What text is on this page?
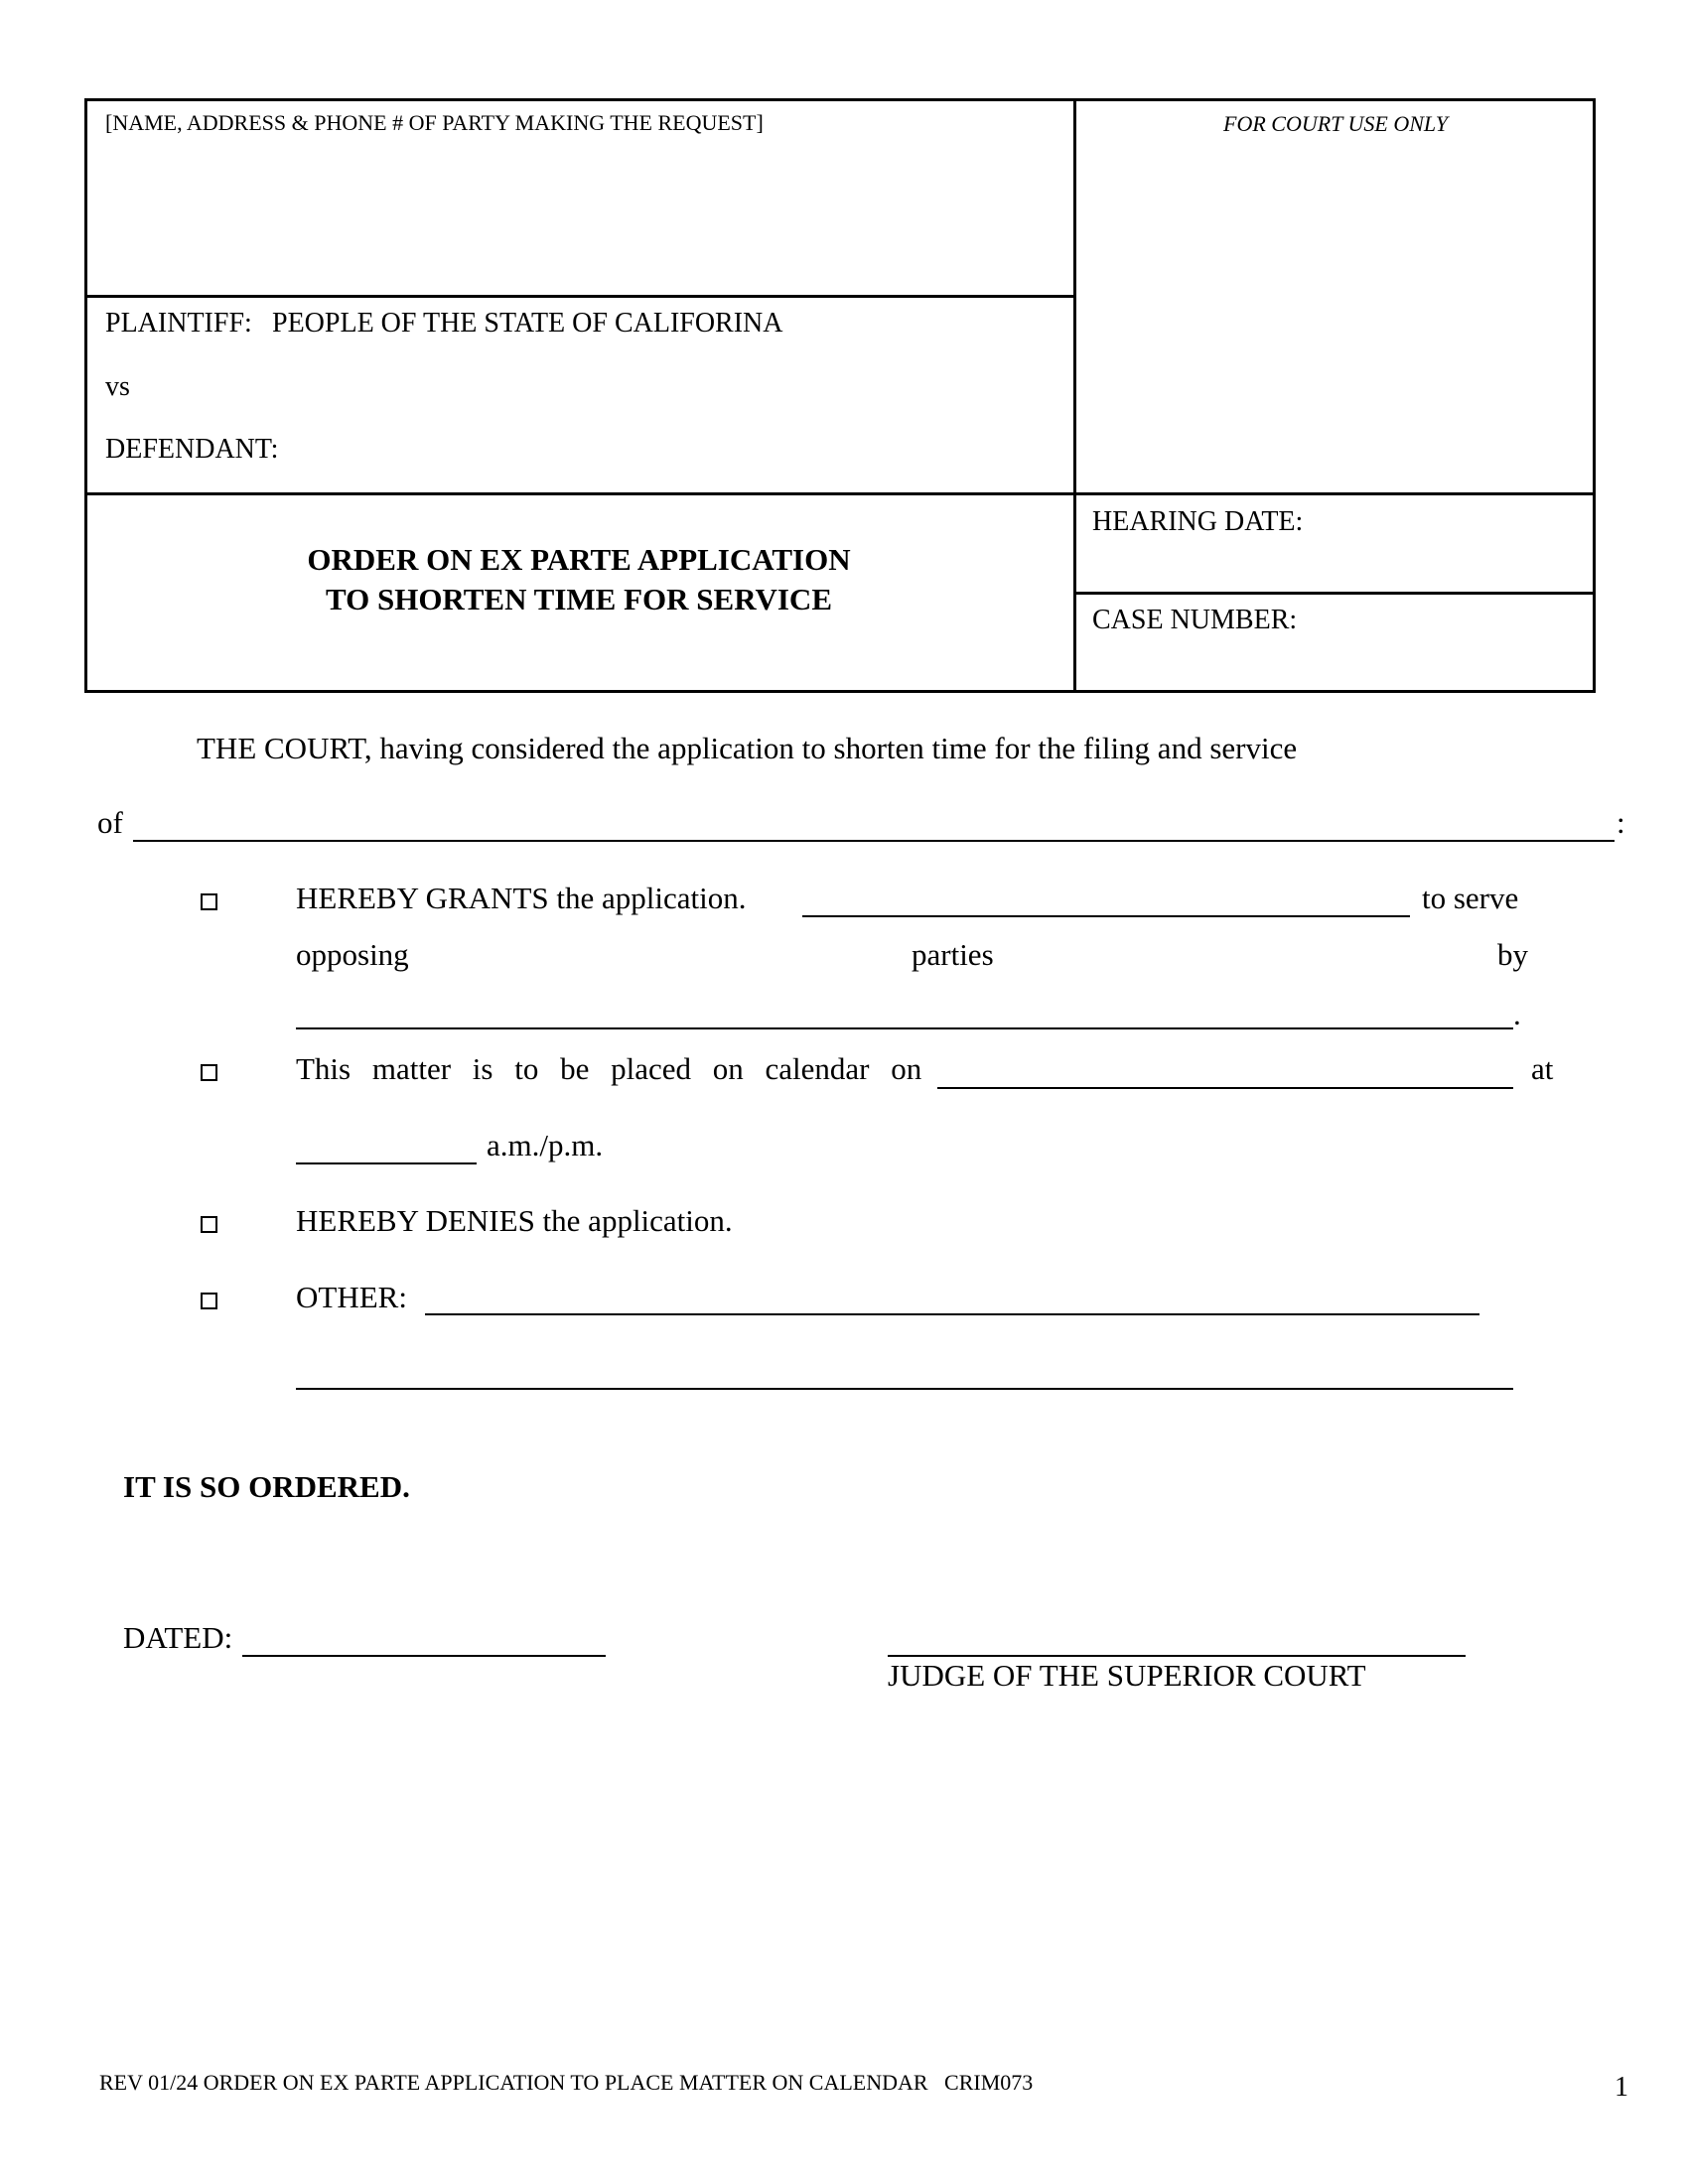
[NAME, ADDRESS & PHONE # OF PARTY MAKING THE REQUEST]	FOR COURT USE ONLY
PLAINTIFF: PEOPLE OF THE STATE OF CALIFORINA
vs
DEFENDANT:
ORDER ON EX PARTE APPLICATION
TO SHORTEN TIME FOR SERVICE
HEARING DATE:
CASE NUMBER:
THE COURT, having considered the application to shorten time for the filing and service
of	:
HEREBY GRANTS the application.	to serve
opposing	parties	by
.
This matter is to be placed on calendar on	at
a.m./p.m.
HEREBY DENIES the application.
OTHER:
IT IS SO ORDERED.
DATED:
JUDGE OF THE SUPERIOR COURT
REV 01/24 ORDER ON EX PARTE APPLICATION TO PLACE MATTER ON CALENDAR   CRIM073	1
